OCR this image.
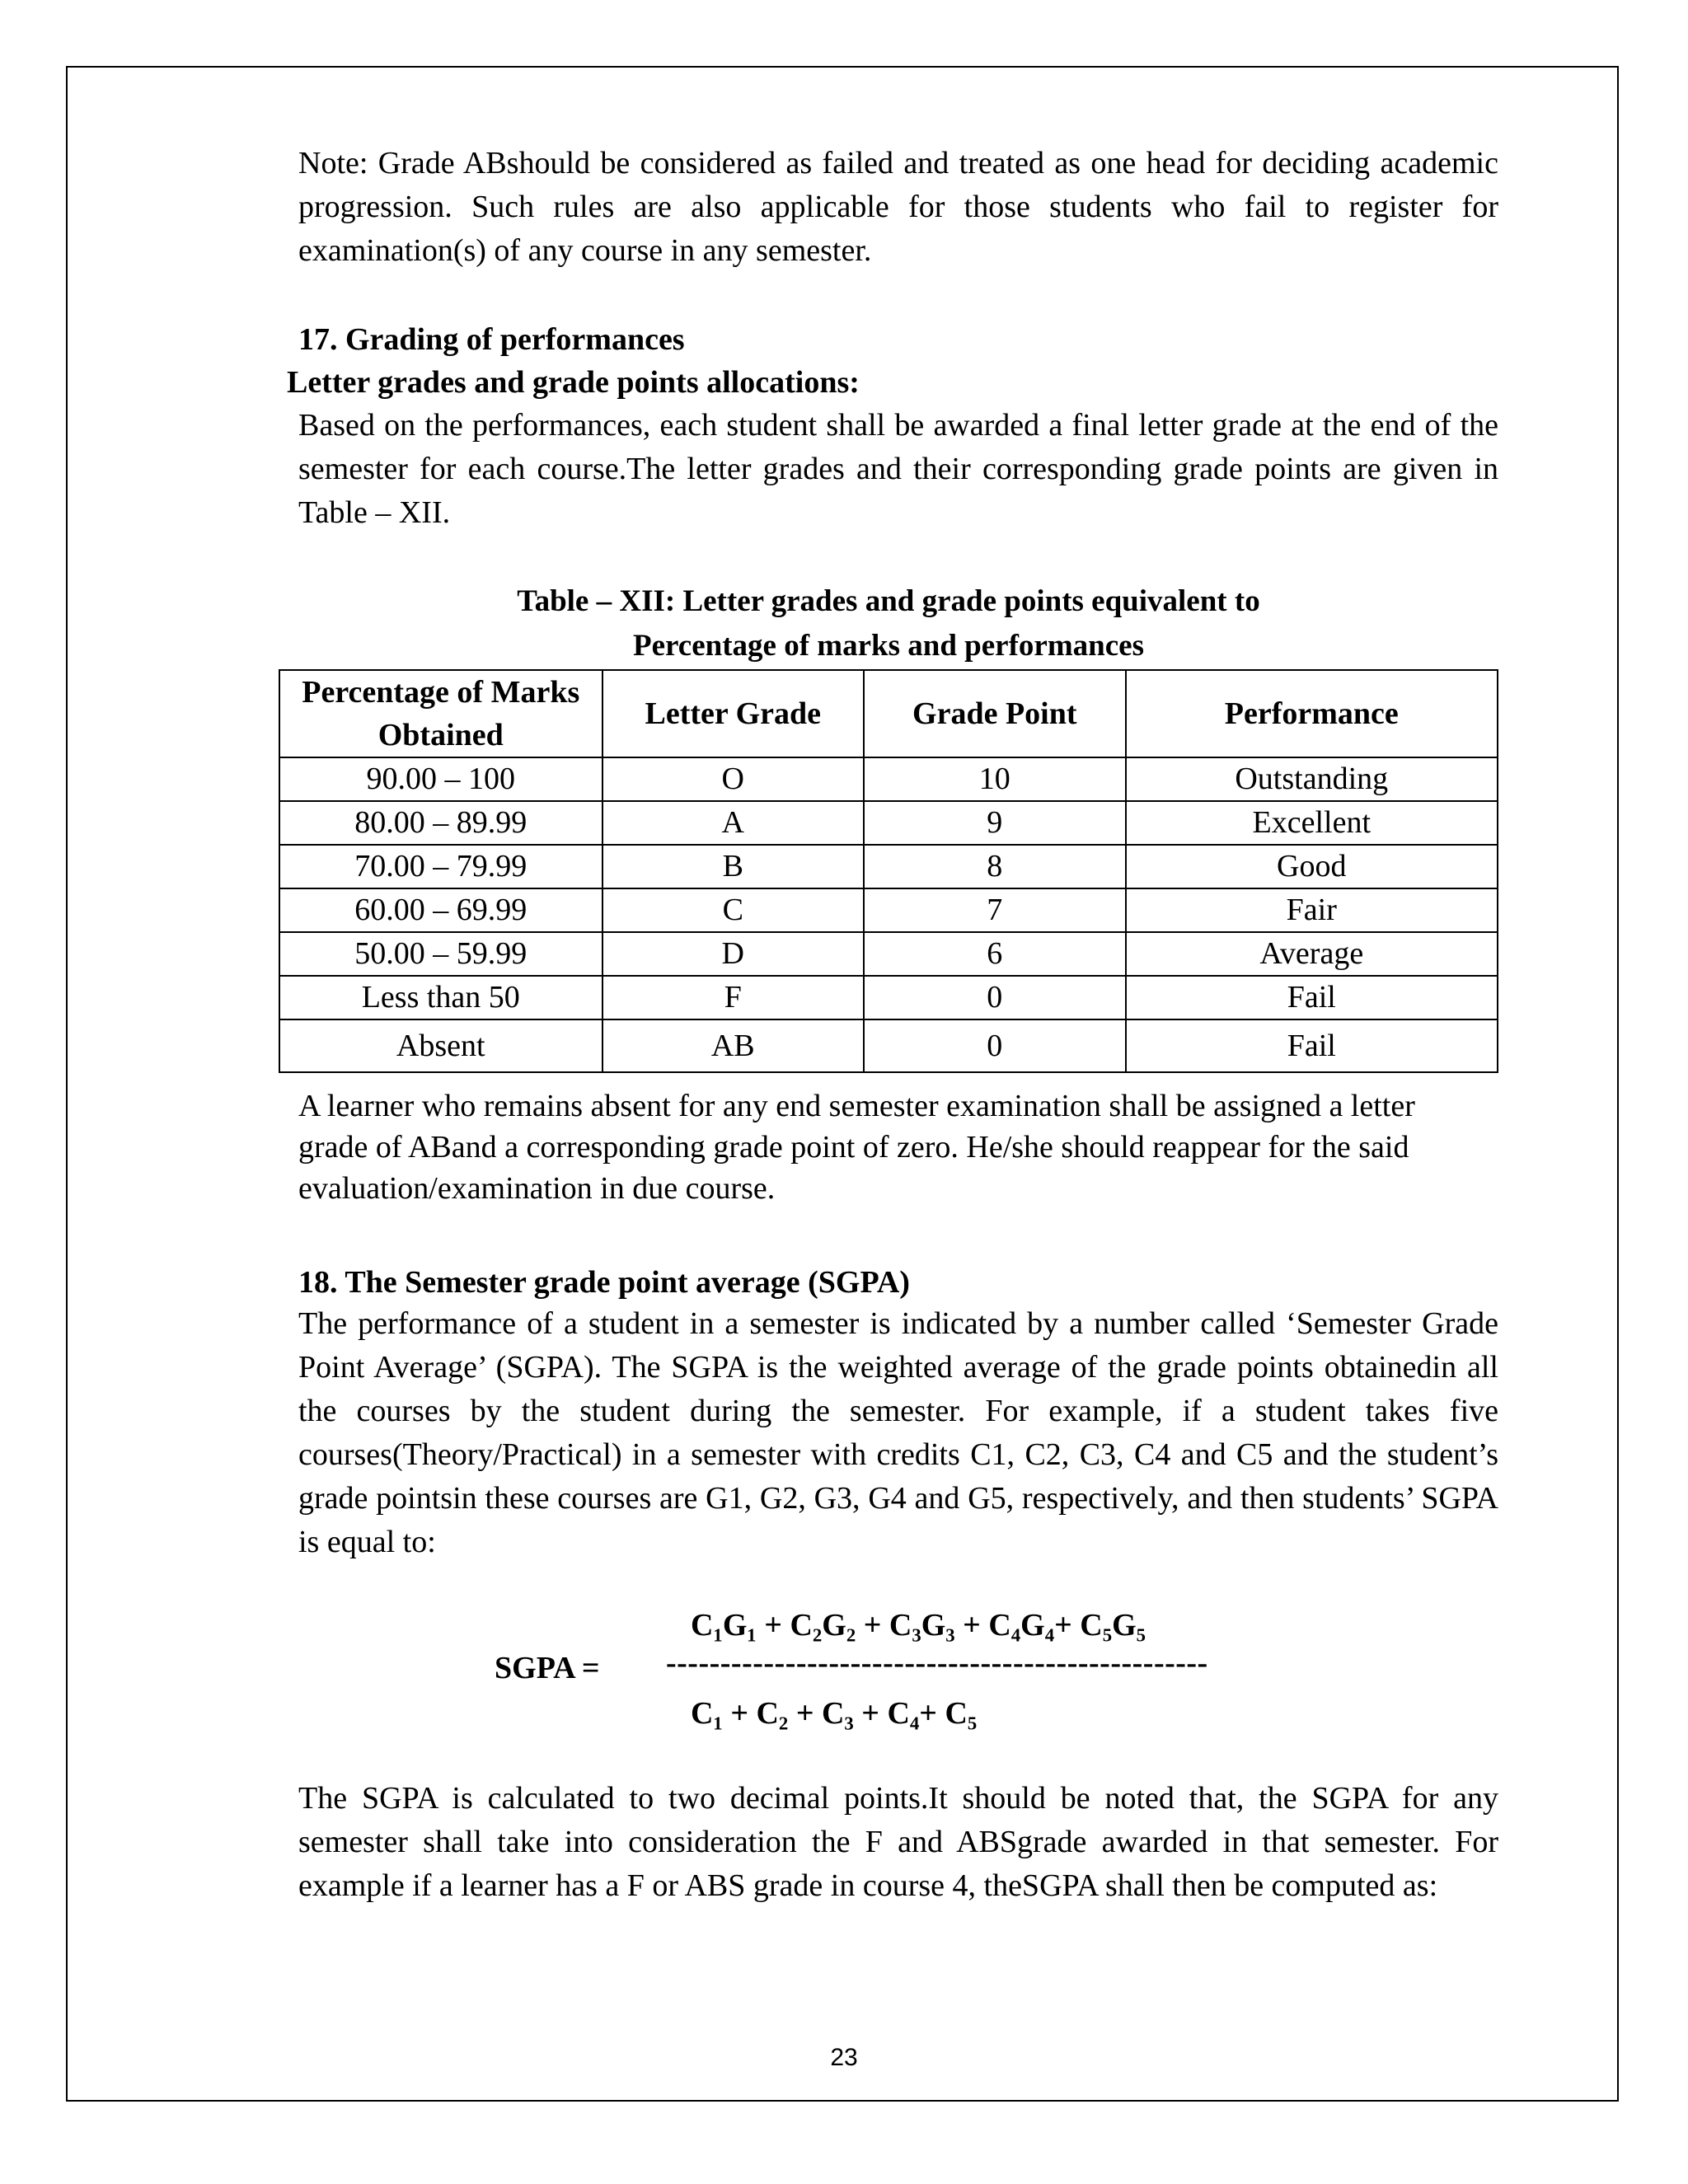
Note: Grade ABshould be considered as failed and treated as one head for deciding academic progression. Such rules are also applicable for those students who fail to register for examination(s) of any course in any semester.

17. Grading of performances
Letter grades and grade points allocations:

Based on the performances, each student shall be awarded a final letter grade at the end of the semester for each course.The letter grades and their corresponding grade points are given in Table – XII.

Table – XII: Letter grades and grade points equivalent to
Percentage of marks and performances
Percentage of Marks Obtained	Letter Grade	Grade Point	Performance
90.00 – 100	O	10	Outstanding
80.00 – 89.99	A	9	Excellent
70.00 – 79.99	B	8	Good
60.00 – 69.99	C	7	Fair
50.00 – 59.99	D	6	Average
Less than 50	F	0	Fail
Absent	AB	0	Fail

A learner who remains absent for any end semester examination shall be assigned a letter grade of ABand a corresponding grade point of zero. He/she should reappear for the said evaluation/examination in due course.

18. The Semester grade point average (SGPA)

The performance of a student in a semester is indicated by a number called ‘Semester Grade Point Average’ (SGPA). The SGPA is the weighted average of the grade points obtainedin all the courses by the student during the semester. For example, if a student takes five courses(Theory/Practical) in a semester with credits C1, C2, C3, C4 and C5 and the student’s grade pointsin these courses are G1, G2, G3, G4 and G5, respectively, and then students’ SGPA is equal to:

C₁G₁ + C₂G₂ + C₃G₃ + C₄G₄+ C₅G₅
SGPA = --------------------------------------------------
C₁ + C₂ + C₃ + C₄+ C₅

The SGPA is calculated to two decimal points.It should be noted that, the SGPA for any semester shall take into consideration the F and ABSgrade awarded in that semester. For example if a learner has a F or ABS grade in course 4, theSGPA shall then be computed as:

23
